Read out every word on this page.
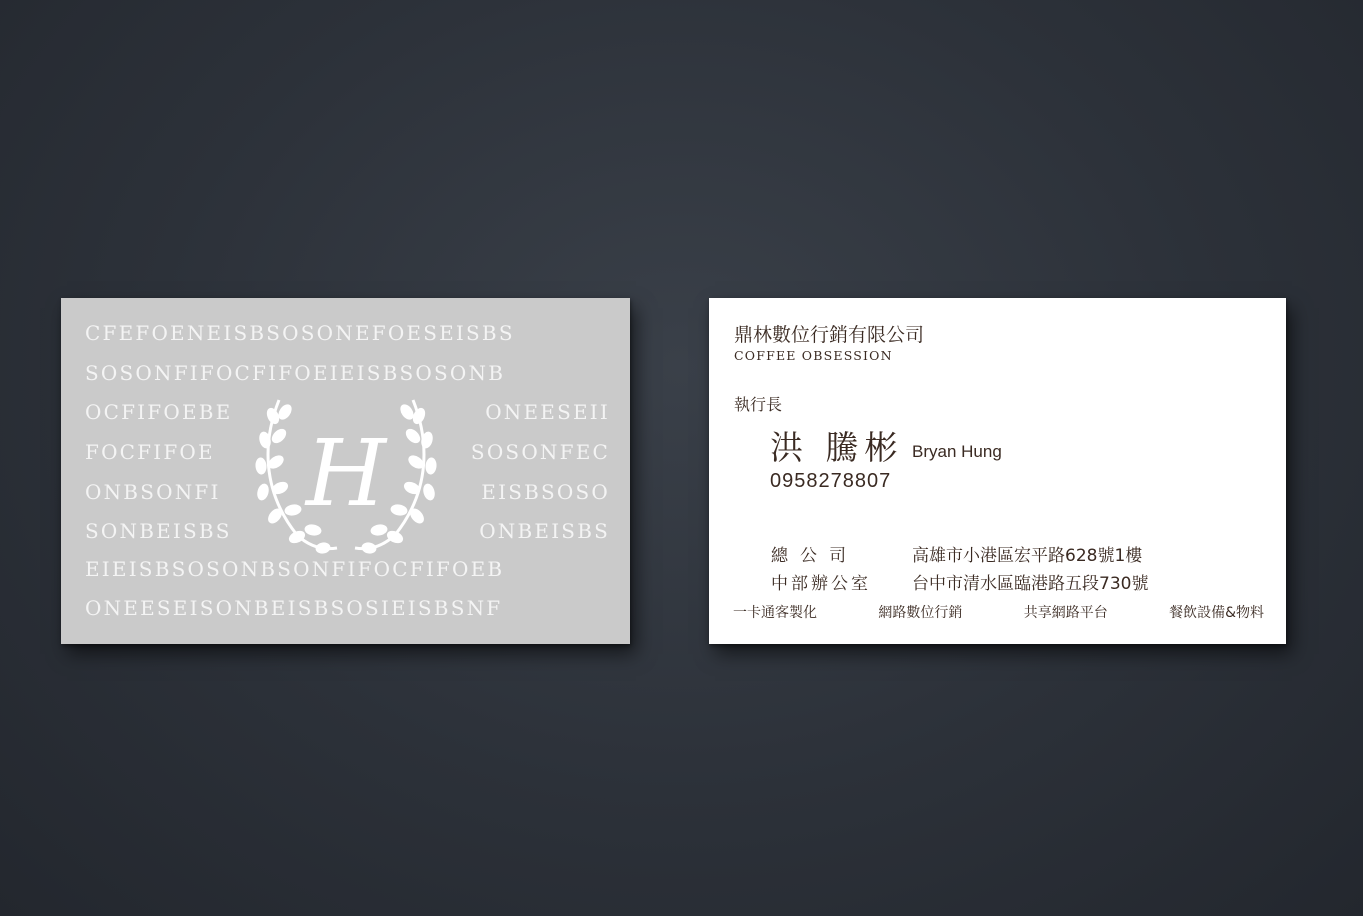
CFEFOENEISBSOSONEFOESEISBS
SOSONFIFOCFIFOEIEISBSOSONB
OCFIFOEBE	ONEESEII
FOCFIFOE	SOSONFEC
ONBSONFI	EISBSOSO
SONBEISBS	ONBEISBS
EIEISBSOSONBSONFIFOCFIFOEB
ONEESEISONBEISBSOSIEISBSNF
H
鼎林數位行銷有限公司
COFFEE OBSESSION
執行長
洪 騰彬 Bryan Hung
0958278807
總公司	高雄市小港區宏平路628號1樓
中部辦公室 台中市清水區臨港路五段730號
一卡通客製化	網路數位行銷	共享網路平台	餐飲設備&物料
